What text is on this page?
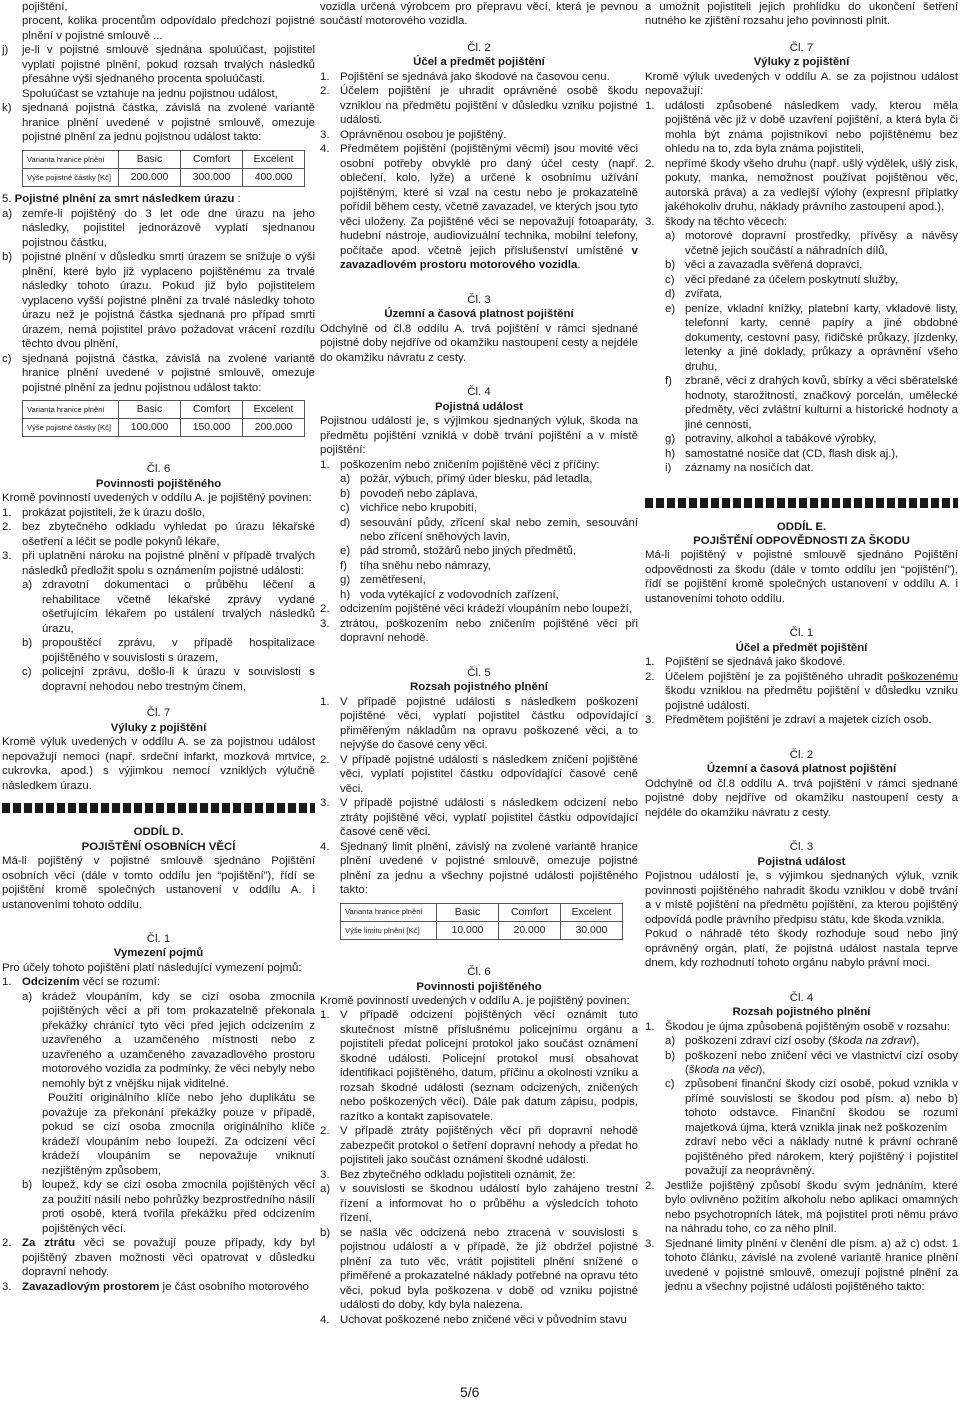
pojištění,

procent, kolika procentům odpovídalo předchozí pojistné plnění v pojistné smlouvě ...

j)	je-li v pojistné smlouvě sjednána spoluúčast, pojistitel vyplatí pojistné plnění, pokud rozsah trvalých následků přesáhne výši sjednaného procenta spoluúčasti.

Spoluúčast se vztahuje na jednu pojistnou událost,

k) sjednaná pojistná částka, závislá na zvolené variantě hranice plnění uvedené v pojistné smlouvě, omezuje pojistné plnění za jednu pojistnou událost takto:
Varianta hranice plnění	Basic	Comfort	Excelent
Výše pojistné částky [Kč]	200.000	300.000	400.000

5. Pojistné plnění za smrt následkem úrazu :

a) zemře-li pojištěný do 3 let ode dne úrazu na jeho následky, pojistitel jednorázově vyplatí sjednanou pojistnou částku,
b) pojistné plnění v důsledku smrti úrazem se snižuje o výši plnění, které bylo již vyplaceno pojištěnému za trvalé následky tohoto úrazu. Pokud již bylo pojistitelem vyplaceno vyšší pojistné plnění za trvalé následky tohoto úrazu než je pojistná částka sjednaná pro případ smrti úrazem, nemá pojistitel právo požadovat vrácení rozdílu těchto dvou plnění,
c) sjednaná pojistná částka, závislá na zvolené variantě hranice plnění uvedené v pojistné smlouvě, omezuje pojistné plnění za jednu pojistnou událost takto:
Varianta hranice plnění	Basic	Comfort	Excelent
Výše pojistné částky [Kč]	100.000	150.000	200.000

Čl. 6

Povinnosti pojištěného

Kromě povinností uvedených v oddílu A. je pojištěný povinen:

1. prokázat pojistiteli, že k úrazu došlo,
2. bez zbytečného odkladu vyhledat po úrazu lékařské ošetření a léčit se podle pokynů lékaře,
3. při uplatnění nároku na pojistné plnění v případě trvalých následků předložit spolu s oznámením pojistné události:
a) zdravotní dokumentaci o průběhu léčení a rehabilitace včetně lékařské zprávy vydané ošetřujícím lékařem po ustálení trvalých následků úrazu,
b) propouštěcí zprávu, v případě hospitalizace pojištěného v souvislosti s úrazem,
c) policejní zprávu, došlo-li k úrazu v souvislosti s dopravní nehodou nebo trestným činem,

Čl. 7

Výluky z pojištění

Kromě výluk uvedených v oddílu A. se za pojistnou událost nepovažují nemoci (např. srdeční infarkt, mozková mrtvice, cukrovka, apod.) s výjimkou nemocí vzniklých výlučně následkem úrazu.

ODDÍL D.

POJIŠTĚNÍ OSOBNÍCH VĚCÍ

Má-li pojištěný v pojistné smlouvě sjednáno Pojištění osobních věcí (dále v tomto oddílu jen “pojištění”), řídí se pojištění kromě společných ustanovení v oddílu A. i ustanoveními tohoto oddílu.

Čl. 1

Vymezení pojmů

Pro účely tohoto pojištění platí následující vymezení pojmů:

1. Odcizením věcí se rozumí:
a) krádež vloupáním, kdy se cizí osoba zmocnila pojištěných věcí a při tom prokazatelně překonala překážky chránící tyto věci před jejich odcizením z uzavřeného a uzamčeného místnosti nebo z uzavřeného a uzamčeného zavazadlového prostoru motorového vozidla za podmínky, že věci nebyly nebo nemohly být z vnějšku nijak viditelné.

Použití originálního klíče nebo jeho duplikátu se považuje za překonání překážky pouze v případě, pokud se cizí osoba zmocnila originálního klíče krádeží vloupáním nebo loupeží. Za odcizení věcí krádeží vloupáním se nepovažuje vniknutí nezjištěným způsobem,

b) loupež, kdy se cizí osoba zmocnila pojištěných věcí za použití násilí nebo pohrůžky bezprostředního násilí proti osobě, která tvořila překážku před odcizením pojištěných věcí.
2. Za ztrátu věci se považují pouze případy, kdy byl pojištěný zbaven možnosti věci opatrovat v důsledku dopravní nehody.
3. Zavazadlovým prostorem je část osobního motorového

vozidla určená výrobcem pro přepravu věcí, která je pevnou součástí motorového vozidla.

Čl. 2

Účel a předmět pojištění

1. Pojištění se sjednává jako škodové na časovou cenu.
2. Účelem pojištění je uhradit oprávněné osobě škodu vzniklou na předmětu pojištění v důsledku vzniku pojistné události.
3. Oprávněnou osobou je pojištěný.
4. Předmětem pojištění (pojištěnými věcmi) jsou movité věci osobní potřeby obvyklé pro daný účel cesty (např. oblečení, kolo, lyže) a určené k osobnímu užívání pojištěným, které si vzal na cestu nebo je prokazatelně pořídil během cesty, včetně zavazadel, ve kterých jsou tyto věci uloženy. Za pojištěné věci se nepovažují fotoaparáty, hudební nástroje, audiovizuální technika, mobilní telefony, počítače apod. včetně jejich příslušenství umístěné v zavazadlovém prostoru motorového vozidla.

Čl. 3

Územní a časová platnost pojištění

Odchylně od čl.8 oddílu A. trvá pojištění v rámci sjednané pojistné doby nejdříve od okamžiku nastoupení cesty a nejdéle do okamžiku návratu z cesty.

Čl. 4

Pojistná událost

Pojistnou událostí je, s výjimkou sjednaných výluk, škoda na předmětu pojištění vzniklá v době trvání pojištění a v místě pojištění:

1. poškozením nebo zničením pojištěné věci z příčiny:
a) požár, výbuch, přímý úder blesku, pád letadla,
b) povodeň nebo záplava,
c) vichřice nebo krupobití,
d) sesouvání půdy, zřícení skal nebo zemin, sesouvání nebo zřícení sněhových lavin,
e) pád stromů, stožárů nebo jiných předmětů,
f)	tíha sněhu nebo námrazy,
g) zemětřesení,
h) voda vytékající z vodovodních zařízení,
2. odcizením pojištěné věci krádeží vloupáním nebo loupeží,
3. ztrátou, poškozením nebo zničením pojištěné věci při dopravní nehodě.

Čl. 5

Rozsah pojistného plnění

1. V případě pojistné události s následkem poškození pojištěné věci, vyplatí pojistitel částku odpovídající přiměřeným nákladům na opravu poškozené věci, a to nejvýše do časové ceny věci.
2. V případě pojistné události s následkem zničení pojištěné věci, vyplatí pojistitel částku odpovídající časové ceně věci.
3. V případě pojistné události s následkem odcizení nebo ztráty pojištěné věci, vyplatí pojistitel částku odpovídající časové ceně věci.
4. Sjednaný limit plnění, závislý na zvolené variantě hranice plnění uvedené v pojistné smlouvě, omezuje pojistné plnění za jednu a všechny pojistné události pojištěného takto:
Varianta hranice plnění	Basic	Comfort	Excelent
Výše limitu plnění [Kč]	10.000	20.000	30.000

Čl. 6

Povinnosti pojištěného

Kromě povinností uvedených v oddílu A. je pojištěný povinen:

1. V případě odcizení pojištěných věcí oznámit tuto skutečnost místně příslušnému policejnímu orgánu a pojistiteli předat policejní protokol jako součást oznámení škodné události. Policejní protokol musí obsahovat identifikaci pojištěného, datum, příčinu a okolnosti vzniku a rozsah škodné události (seznam odcizených, zničených nebo poškozených věcí). Dále pak datum zápisu, podpis, razítko a kontakt zapisovatele.
2. V případě ztráty pojištěných věcí při dopravní nehodě zabezpečit protokol o šetření dopravní nehody a předat ho pojistiteli jako součást oznámení škodné události.
3. Bez zbytečného odkladu pojistiteli oznámit, že:
a) v souvislosti se škodnou událostí bylo zahájeno trestní řízení a informovat ho o průběhu a výsledcích tohoto řízení,
b) se našla věc odcizená nebo ztracená v souvislosti s pojistnou událostí a v případě, že již obdržel pojistné plnění za tuto věc, vrátit pojistiteli plnění snížené o přiměřené a prokazatelné náklady potřebné na opravu této věci, pokud byla poškozena v době od vzniku pojistné události do doby, kdy byla nalezena.
4. Uchovat poškozené nebo zničené věci v původním stavu

a umožnit pojistiteli jejich prohlídku do ukončení šetření nutného ke zjištění rozsahu jeho povinnosti plnit.

Čl. 7

Výluky z pojištění

Kromě výluk uvedených v oddílu A. se za pojistnou událost nepovažují:

1. události způsobené následkem vady, kterou měla pojištěná věc již v době uzavření pojištění, a která byla či mohla být známa pojistníkovi nebo pojištěnému bez ohledu na to, zda byla známa pojistiteli,
2. nepřímé škody všeho druhu (např. ušlý výdělek, ušlý zisk, pokuty, manka, nemožnost používat pojištěnou věc, autorská práva) a za vedlejší výlohy (expresní příplatky jakéhokoliv druhu, náklady právního zastoupení apod.),
3. škody na těchto věcech:
a) motorové dopravní prostředky, přívěsy a návěsy včetně jejich součástí a náhradních dílů,
b) věci a zavazadla svěřená dopravci,
c) věci předané za účelem poskytnutí služby,
d) zvířata,
e) peníze, vkladní knížky, platební karty, vkladové listy, telefonní karty, cenné papíry a jiné obdobné dokumenty, cestovní pasy, řidičské průkazy, jízdenky, letenky a jiné doklady, průkazy a oprávnění všeho druhu,
f)	zbraně, věci z drahých kovů, sbírky a věci sběratelské hodnoty, starožitnosti, značkový porcelán, umělecké předměty, věci zvláštní kulturní a historické hodnoty a jiné cennosti,
g) potraviny, alkohol a tabákové výrobky,
h) samostatné nosiče dat (CD, flash disk aj.),
i)	záznamy na nosičích dat.

ODDÍL E.

POJIŠTĚNÍ ODPOVĚDNOSTI ZA ŠKODU

Má-li pojištěný v pojistné smlouvě sjednáno Pojištění odpovědnosti za škodu (dále v tomto oddílu jen “pojištění”), řídí se pojištění kromě společných ustanovení v oddílu A. i ustanoveními tohoto oddílu.

Čl. 1

Účel a předmět pojištění

1. Pojištění se sjednává jako škodové.
2. Účelem pojištění je za pojištěného uhradit poškozenému škodu vzniklou na předmětu pojištění v důsledku vzniku pojistné události.
3. Předmětem pojištění je zdraví a majetek cizích osob.

Čl. 2

Územní a časová platnost pojištění

Odchylně od čl.8 oddílu A. trvá pojištění v rámci sjednané pojistné doby nejdříve od okamžiku nastoupení cesty a nejdéle do okamžiku návratu z cesty.

Čl. 3

Pojistná událost

Pojistnou událostí je, s výjimkou sjednaných výluk, vznik povinnosti pojištěného nahradit škodu vzniklou v době trvání a v místě pojištění na předmětu pojištění, za kterou pojištěný odpovídá podle právního předpisu státu, kde škoda vznikla.

Pokud o náhradě této škody rozhoduje soud nebo jiný oprávněný orgán, platí, že pojistná událost nastala teprve dnem, kdy rozhodnutí tohoto orgánu nabylo právní moci.

Čl. 4

Rozsah pojistného plnění

1. Škodou je újma způsobená pojištěným osobě v rozsahu:
a) poškození zdraví cizí osoby (škoda na zdraví),
b) poškození nebo zničení věci ve vlastnictví cizí osoby (škoda na věci),
c) způsobení finanční škody cizí osobě, pokud vznikla v přímé souvislosti se škodou pod písm. a) nebo b) tohoto odstavce. Finanční škodou se rozumí majetková újma, která vznikla jinak než poškozením

zdraví nebo věci a náklady nutné k právní ochraně pojištěného před nárokem, který pojištěný i pojistitel považují za neoprávněný.

2. Jestliže pojištěný způsobí škodu svým jednáním, které bylo ovlivněno požitím alkoholu nebo aplikací omamných nebo psychotropních látek, má pojistitel proti němu právo na náhradu toho, co za něho plnil.
3. Sjednané limity plnění v členění dle písm. a) až c) odst. 1 tohoto článku, závislé na zvolené variantě hranice plnění uvedené v pojistné smlouvě, omezují pojistné plnění za jednu a všechny pojistné události pojištěného takto:
5/6
